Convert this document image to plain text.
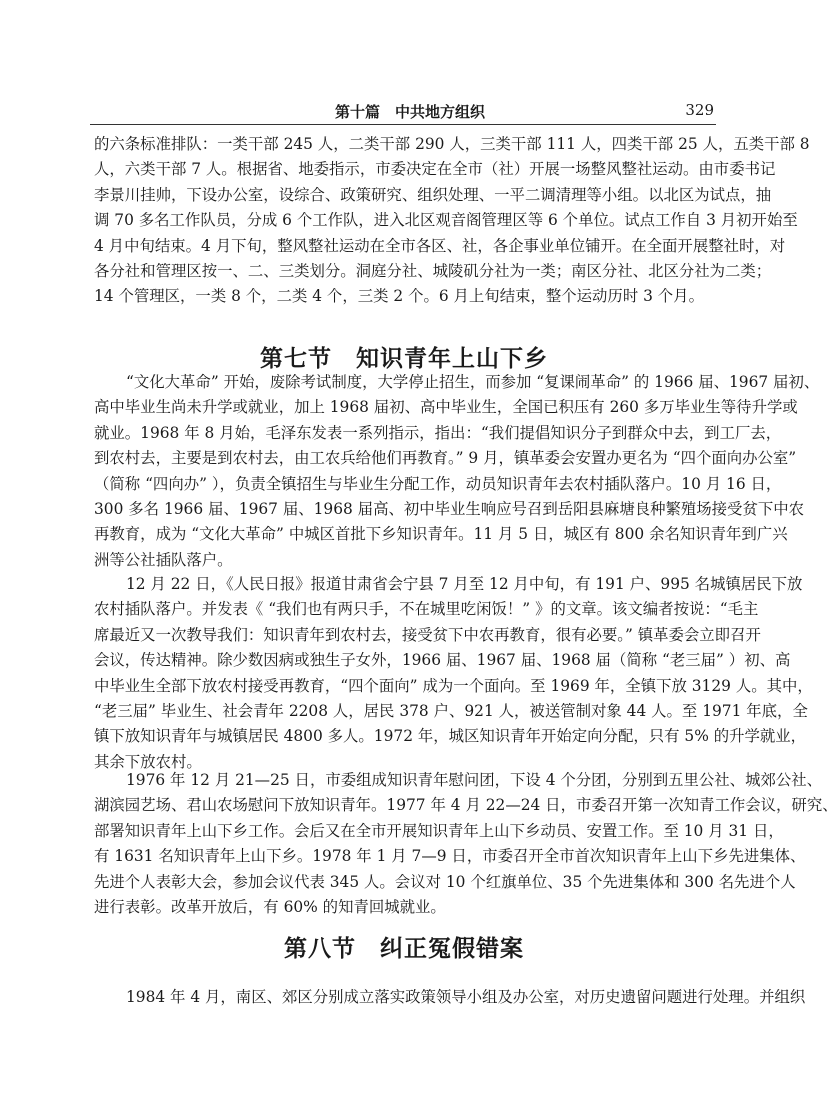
第十篇　中共地方组织	329
的六条标准排队：一类干部 245 人，二类干部 290 人，三类干部 111 人，四类干部 25 人，五类干部 8
人，六类干部 7 人。根据省、地委指示，市委决定在全市（社）开展一场整风整社运动。由市委书记
李景川挂帅，下设办公室，设综合、政策研究、组织处理、一平二调清理等小组。以北区为试点，抽
调 70 多名工作队员，分成 6 个工作队，进入北区观音阁管理区等 6 个单位。试点工作自 3 月初开始至
4 月中旬结束。4 月下旬，整风整社运动在全市各区、社，各企事业单位铺开。在全面开展整社时，对
各分社和管理区按一、二、三类划分。洞庭分社、城陵矶分社为一类；南区分社、北区分社为二类；
14 个管理区，一类 8 个，二类 4 个，三类 2 个。6 月上旬结束，整个运动历时 3 个月。
第七节　知识青年上山下乡
“文化大革命” 开始，废除考试制度，大学停止招生，而参加 “复课闹革命” 的 1966 届、1967 届初、
高中毕业生尚未升学或就业，加上 1968 届初、高中毕业生，全国已积压有 260 多万毕业生等待升学或
就业。1968 年 8 月始，毛泽东发表一系列指示，指出：“我们提倡知识分子到群众中去，到工厂去，
到农村去，主要是到农村去，由工农兵给他们再教育。” 9 月，镇革委会安置办更名为 “四个面向办公室”
（简称 “四向办” ），负责全镇招生与毕业生分配工作，动员知识青年去农村插队落户。10 月 16 日，
300 多名 1966 届、1967 届、1968 届高、初中毕业生响应号召到岳阳县麻塘良种繁殖场接受贫下中农
再教育，成为 “文化大革命” 中城区首批下乡知识青年。11 月 5 日，城区有 800 余名知识青年到广兴
洲等公社插队落户。
12 月 22 日，《人民日报》报道甘肃省会宁县 7 月至 12 月中旬，有 191 户、995 名城镇居民下放
农村插队落户。并发表《 “我们也有两只手，不在城里吃闲饭！” 》的文章。该文编者按说：“毛主
席最近又一次教导我们：知识青年到农村去，接受贫下中农再教育，很有必要。” 镇革委会立即召开
会议，传达精神。除少数因病或独生子女外，1966 届、1967 届、1968 届（简称 “老三届” ）初、高
中毕业生全部下放农村接受再教育，“四个面向” 成为一个面向。至 1969 年，全镇下放 3129 人。其中，
“老三届” 毕业生、社会青年 2208 人，居民 378 户、921 人，被送管制对象 44 人。至 1971 年底，全
镇下放知识青年与城镇居民 4800 多人。1972 年，城区知识青年开始定向分配，只有 5% 的升学就业，
其余下放农村。
1976 年 12 月 21—25 日，市委组成知识青年慰问团，下设 4 个分团，分别到五里公社、城郊公社、
湖滨园艺场、君山农场慰问下放知识青年。1977 年 4 月 22—24 日，市委召开第一次知青工作会议，研究、
部署知识青年上山下乡工作。会后又在全市开展知识青年上山下乡动员、安置工作。至 10 月 31 日，
有 1631 名知识青年上山下乡。1978 年 1 月 7—9 日，市委召开全市首次知识青年上山下乡先进集体、
先进个人表彰大会，参加会议代表 345 人。会议对 10 个红旗单位、35 个先进集体和 300 名先进个人
进行表彰。改革开放后，有 60% 的知青回城就业。
第八节　纠正冤假错案
1984 年 4 月，南区、郊区分别成立落实政策领导小组及办公室，对历史遗留问题进行处理。并组织
